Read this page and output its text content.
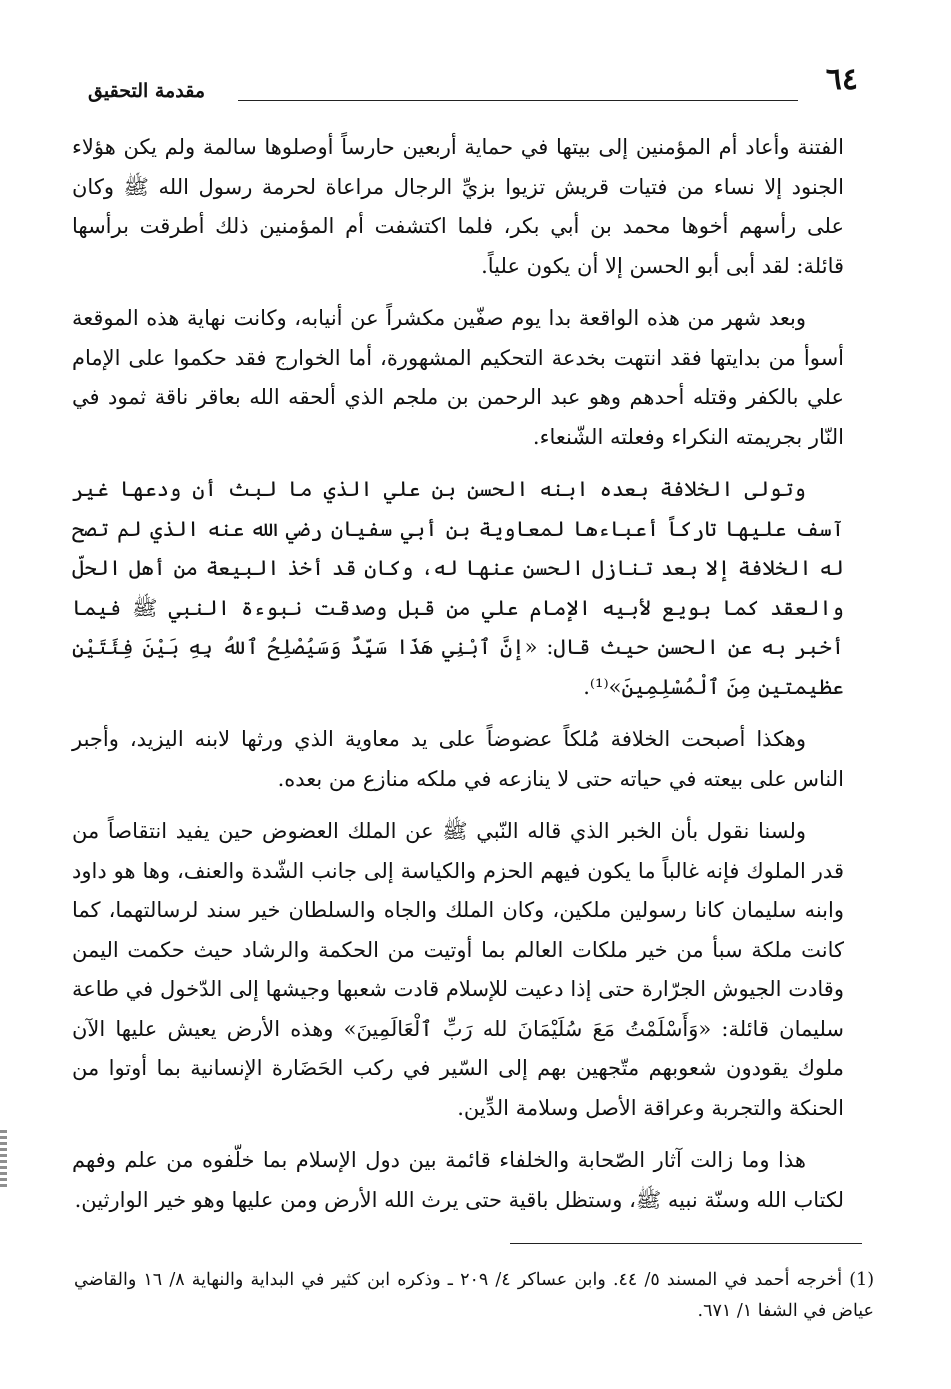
٦٤
مقدمة التحقيق

الفتنة وأعاد أم المؤمنين إلى بيتها في حماية أربعين حارساً أوصلوها سالمة ولم يكن هؤلاء الجنود إلا نساء من فتيات قريش تزيوا بزيِّ الرجال مراعاة لحرمة رسول الله ﷺ وكان على رأسهم أخوها محمد بن أبي بكر، فلما اكتشفت أم المؤمنين ذلك أطرقت برأسها قائلة: لقد أبى أبو الحسن إلا أن يكون علياً.

وبعد شهر من هذه الواقعة بدا يوم صفّين مكشراً عن أنيابه، وكانت نهاية هذه الموقعة أسوأ من بدايتها فقد انتهت بخدعة التحكيم المشهورة، أما الخوارج فقد حكموا على الإمام علي بالكفر وقتله أحدهم وهو عبد الرحمن بن ملجم الذي ألحقه الله بعاقر ناقة ثمود في النّار بجريمته النكراء وفعلته الشّنعاء.

وتولى الخلافة بعده ابنه الحسن بن علي الذي ما لبث أن ودعها غير آسف عليها تاركاً أعباءها لمعاوية بن أبي سفيان رضي الله عنه الذي لم تصح له الخلافة إلا بعد تنازل الحسن عنها له، وكان قد أخذ البيعة من أهل الحلّ والعقد كما بويع لأبيه الإمام علي من قبل وصدقت نبوءة النبي ﷺ فيما أخبر به عن الحسن حيث قال: «إنَّ ٱبْنِي هَذَا سَيِّدٌ وَسَيُصْلِحُ ٱللهُ بِهِ بَيْنَ فِئَتَيْنِ عظيمتين مِنَ ٱلْمُسْلِمِينَ»⁽¹⁾.

وهكذا أصبحت الخلافة مُلكاً عضوضاً على يد معاوية الذي ورثها لابنه اليزيد، وأجبر الناس على بيعته في حياته حتى لا ينازعه في ملكه منازع من بعده.

ولسنا نقول بأن الخبر الذي قاله النّبي ﷺ عن الملك العضوض حين يفيد انتقاصاً من قدر الملوك فإنه غالباً ما يكون فيهم الحزم والكياسة إلى جانب الشّدة والعنف، وها هو داود وابنه سليمان كانا رسولين ملكين، وكان الملك والجاه والسلطان خير سند لرسالتهما، كما كانت ملكة سبأ من خير ملكات العالم بما أوتيت من الحكمة والرشاد حيث حكمت اليمن وقادت الجيوش الجرّارة حتى إذا دعيت للإسلام قادت شعبها وجيشها إلى الدّخول في طاعة سليمان قائلة: «وَأَسْلَمْتُ مَعَ سُلَيْمَانَ لله رَبِّ ٱلْعَالَمِينَ» وهذه الأرض يعيش عليها الآن ملوك يقودون شعوبهم متّجهين بهم إلى السّير في ركب الحَضَارة الإنسانية بما أوتوا من الحنكة والتجربة وعراقة الأصل وسلامة الدِّين.

هذا وما زالت آثار الصّحابة والخلفاء قائمة بين دول الإسلام بما خلّفوه من علم وفهم لكتاب الله وسنّة نبيه ﷺ، وستظل باقية حتى يرث الله الأرض ومن عليها وهو خير الوارثين.

(1) أخرجه أحمد في المسند ٥/ ٤٤. وابن عساكر ٤/ ٢٠٩ ـ وذكره ابن كثير في البداية والنهاية ٨/ ١٦ والقاضي عياض في الشفا ١/ ٦٧١.
